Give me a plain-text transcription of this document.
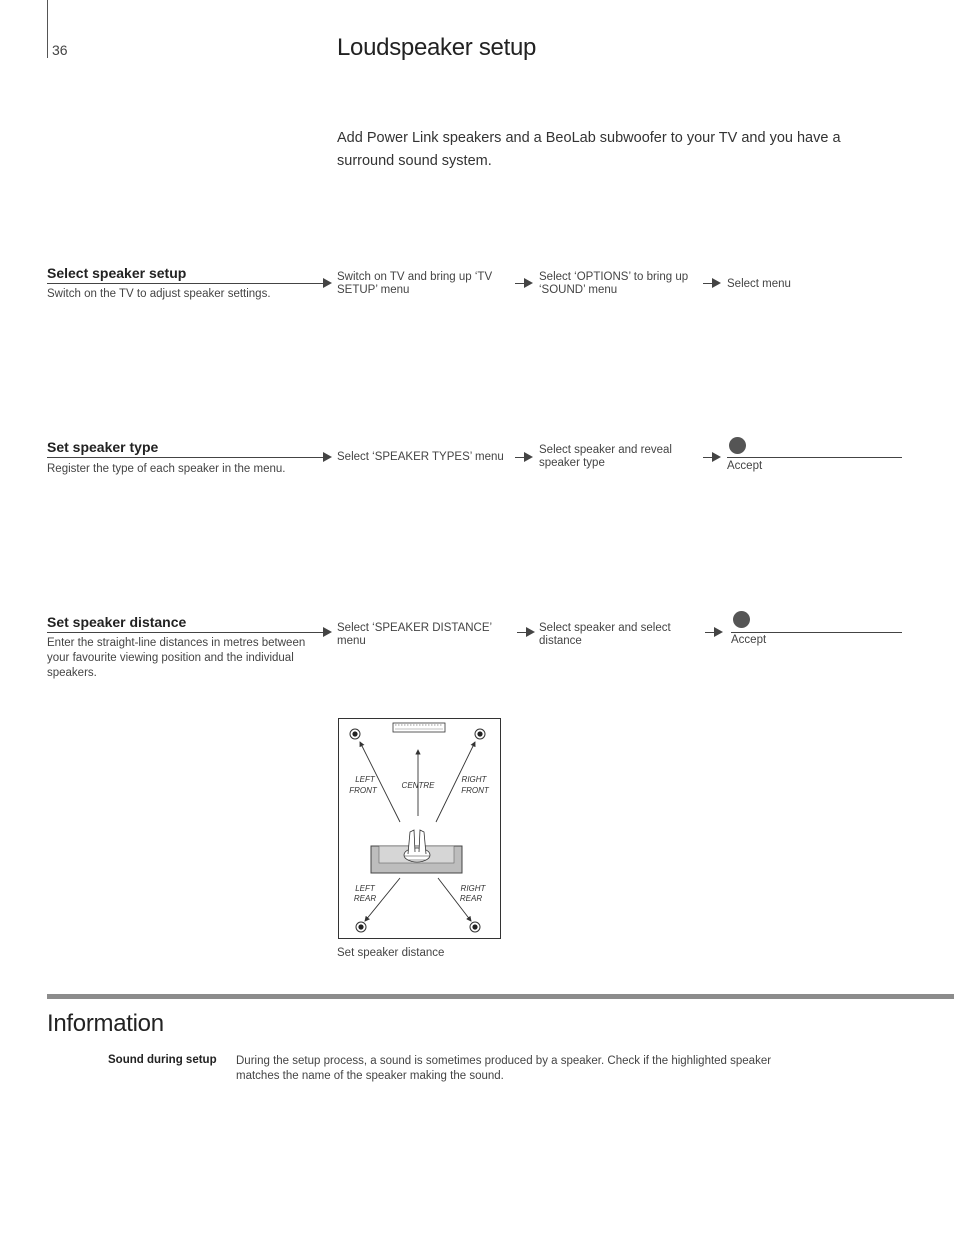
36	Loudspeaker setup
Add Power Link speakers and a BeoLab subwoofer to your TV and you have a surround sound system.
Select speaker setup
Switch on the TV to adjust speaker settings.
Switch on TV and bring up ‘TV SETUP’ menu
Select ‘OPTIONS’ to bring up ‘SOUND’ menu	Select menu
Set speaker type
Register the type of each speaker in the menu.
Select ‘SPEAKER TYPES’ menu
Select speaker and reveal speaker type	Accept
Set speaker distance
Enter the straight-line distances in metres between your favourite viewing position and the individual speakers.
Select ‘SPEAKER DISTANCE’ menu
Select speaker and select distance	Accept
LEFT
FRONT
CENTRE
RIGHT
FRONT
LEFT
REAR
RIGHT
REAR
Set speaker distance
Information
Sound during setup During the setup process, a sound is sometimes produced by a speaker. Check if the highlighted speaker matches the name of the speaker making the sound.
